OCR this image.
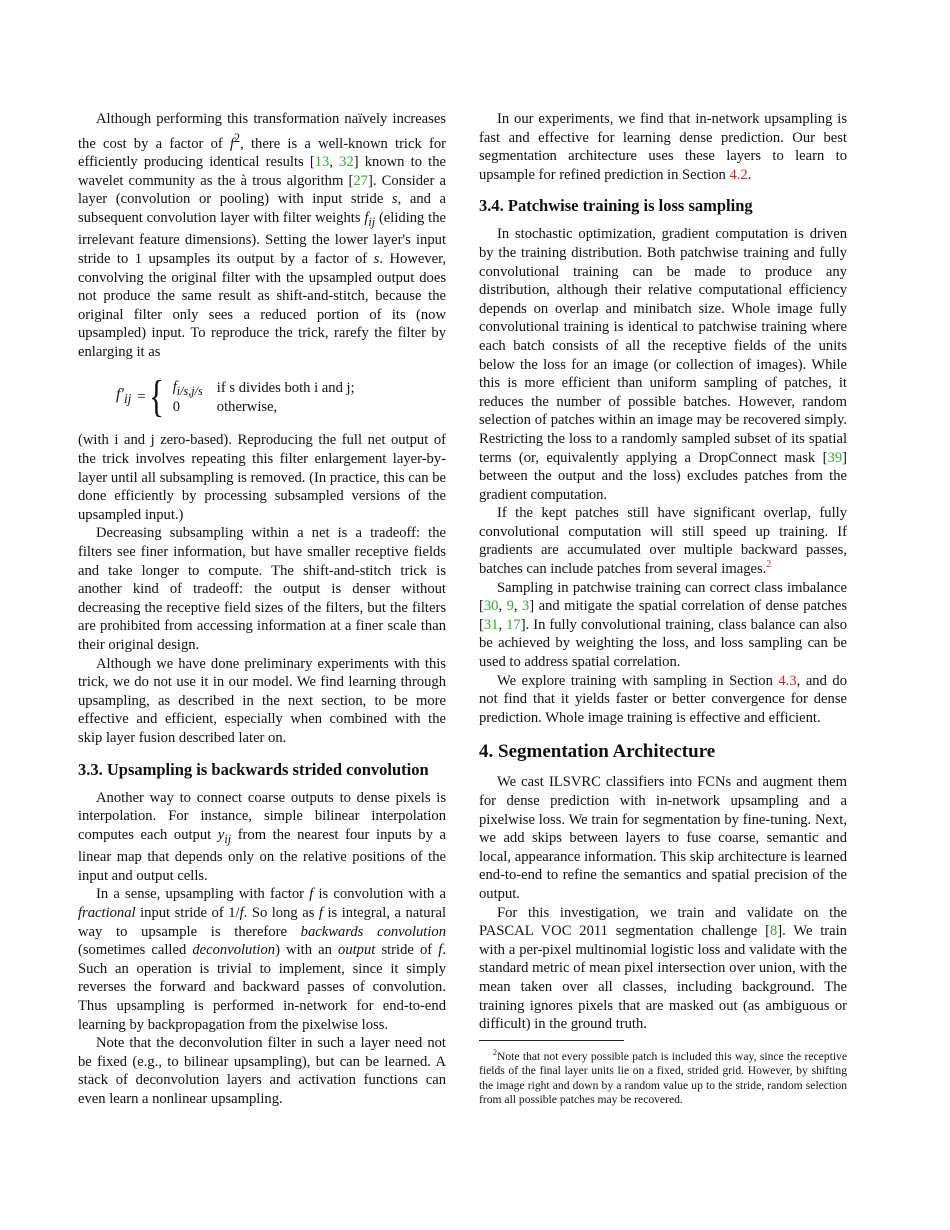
Although performing this transformation naïvely increases the cost by a factor of $f^2$, there is a well-known trick for efficiently producing identical results [13, 32] known to the wavelet community as the à trous algorithm [27]. Consider a layer (convolution or pooling) with input stride s, and a subsequent convolution layer with filter weights $f_{ij}$ (eliding the irrelevant feature dimensions). Setting the lower layer's input stride to 1 upsamples its output by a factor of s. However, convolving the original filter with the upsampled output does not produce the same result as shift-and-stitch, because the original filter only sees a reduced portion of its (now upsampled) input. To reproduce the trick, rarefy the filter by enlarging it as

$f'_{ij}$ = { $f_{i/s,j/s}$	if s divides both i and j;
0	otherwise,

(with i and j zero-based). Reproducing the full net output of the trick involves repeating this filter enlargement layer-by-layer until all subsampling is removed. (In practice, this can be done efficiently by processing subsampled versions of the upsampled input.)

Decreasing subsampling within a net is a tradeoff: the filters see finer information, but have smaller receptive fields and take longer to compute. The shift-and-stitch trick is another kind of tradeoff: the output is denser without decreasing the receptive field sizes of the filters, but the filters are prohibited from accessing information at a finer scale than their original design.

Although we have done preliminary experiments with this trick, we do not use it in our model. We find learning through upsampling, as described in the next section, to be more effective and efficient, especially when combined with the skip layer fusion described later on.

3.3. Upsampling is backwards strided convolution

Another way to connect coarse outputs to dense pixels is interpolation. For instance, simple bilinear interpolation computes each output $y_{ij}$ from the nearest four inputs by a linear map that depends only on the relative positions of the input and output cells.

In a sense, upsampling with factor f is convolution with a fractional input stride of 1/f. So long as f is integral, a natural way to upsample is therefore backwards convolution (sometimes called deconvolution) with an output stride of f. Such an operation is trivial to implement, since it simply reverses the forward and backward passes of convolution. Thus upsampling is performed in-network for end-to-end learning by backpropagation from the pixelwise loss.

Note that the deconvolution filter in such a layer need not be fixed (e.g., to bilinear upsampling), but can be learned. A stack of deconvolution layers and activation functions can even learn a nonlinear upsampling.

In our experiments, we find that in-network upsampling is fast and effective for learning dense prediction. Our best segmentation architecture uses these layers to learn to upsample for refined prediction in Section 4.2.

3.4. Patchwise training is loss sampling

In stochastic optimization, gradient computation is driven by the training distribution. Both patchwise training and fully convolutional training can be made to produce any distribution, although their relative computational efficiency depends on overlap and minibatch size. Whole image fully convolutional training is identical to patchwise training where each batch consists of all the receptive fields of the units below the loss for an image (or collection of images). While this is more efficient than uniform sampling of patches, it reduces the number of possible batches. However, random selection of patches within an image may be recovered simply. Restricting the loss to a randomly sampled subset of its spatial terms (or, equivalently applying a DropConnect mask [39] between the output and the loss) excludes patches from the gradient computation.

If the kept patches still have significant overlap, fully convolutional computation will still speed up training. If gradients are accumulated over multiple backward passes, batches can include patches from several images.$^2$

Sampling in patchwise training can correct class imbalance [30, 9, 3] and mitigate the spatial correlation of dense patches [31, 17]. In fully convolutional training, class balance can also be achieved by weighting the loss, and loss sampling can be used to address spatial correlation.

We explore training with sampling in Section 4.3, and do not find that it yields faster or better convergence for dense prediction. Whole image training is effective and efficient.

4. Segmentation Architecture

We cast ILSVRC classifiers into FCNs and augment them for dense prediction with in-network upsampling and a pixelwise loss. We train for segmentation by fine-tuning. Next, we add skips between layers to fuse coarse, semantic and local, appearance information. This skip architecture is learned end-to-end to refine the semantics and spatial precision of the output.

For this investigation, we train and validate on the PASCAL VOC 2011 segmentation challenge [8]. We train with a per-pixel multinomial logistic loss and validate with the standard metric of mean pixel intersection over union, with the mean taken over all classes, including background. The training ignores pixels that are masked out (as ambiguous or difficult) in the ground truth.

$^2$Note that not every possible patch is included this way, since the receptive fields of the final layer units lie on a fixed, strided grid. However, by shifting the image right and down by a random value up to the stride, random selection from all possible patches may be recovered.
